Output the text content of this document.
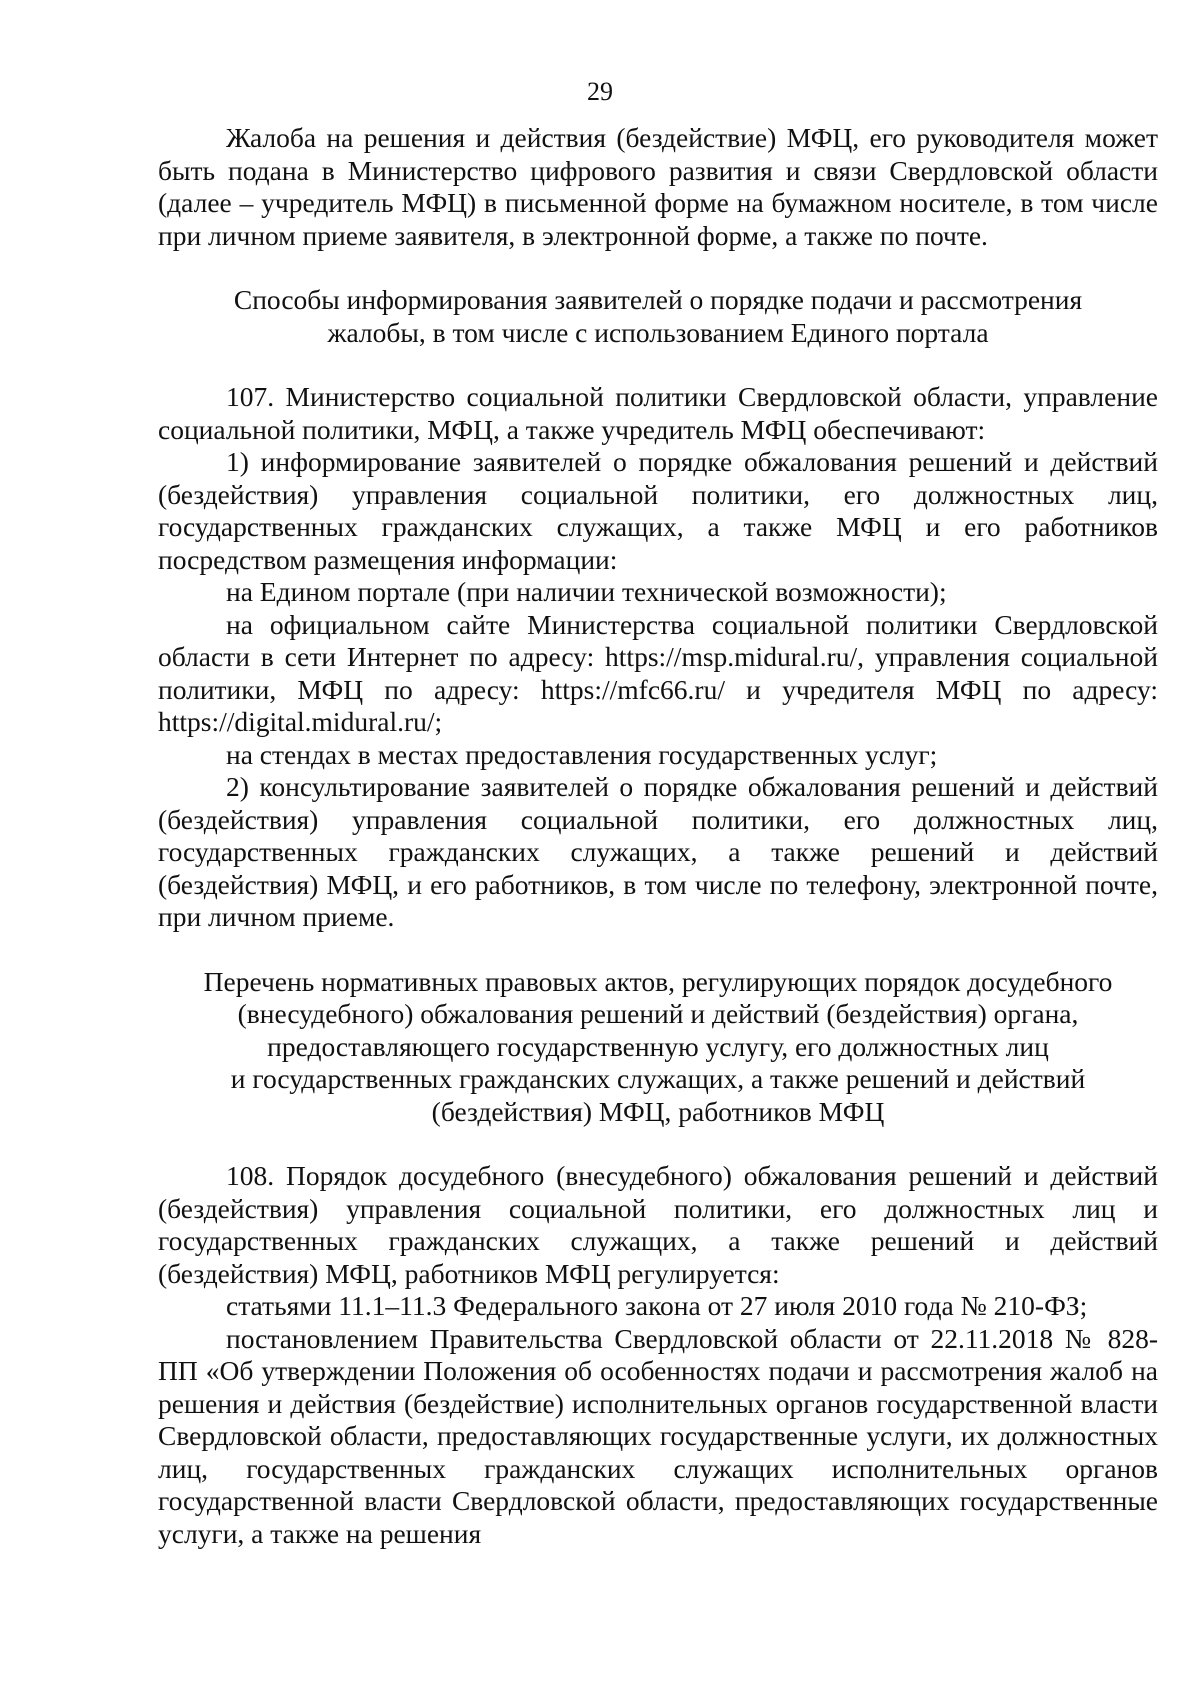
29

Жалоба на решения и действия (бездействие) МФЦ, его руководителя может быть подана в Министерство цифрового развития и связи Свердловской области (далее – учредитель МФЦ) в письменной форме на бумажном носителе, в том числе при личном приеме заявителя, в электронной форме, а также по почте.

Способы информирования заявителей о порядке подачи и рассмотрения
жалобы, в том числе с использованием Единого портала

107. Министерство социальной политики Свердловской области, управление социальной политики, МФЦ, а также учредитель МФЦ обеспечивают:

1) информирование заявителей о порядке обжалования решений и действий (бездействия) управления социальной политики, его должностных лиц, государственных гражданских служащих, а также МФЦ и его работников посредством размещения информации:

на Едином портале (при наличии технической возможности);

на официальном сайте Министерства социальной политики Свердловской области в сети Интернет по адресу: https://msp.midural.ru/, управления социальной политики, МФЦ по адресу: https://mfc66.ru/ и учредителя МФЦ по адресу: https://digital.midural.ru/;

на стендах в местах предоставления государственных услуг;

2) консультирование заявителей о порядке обжалования решений и действий (бездействия) управления социальной политики, его должностных лиц, государственных гражданских служащих, а также решений и действий (бездействия) МФЦ, и его работников, в том числе по телефону, электронной почте, при личном приеме.

Перечень нормативных правовых актов, регулирующих порядок досудебного
(внесудебного) обжалования решений и действий (бездействия) органа,
предоставляющего государственную услугу, его должностных лиц
и государственных гражданских служащих, а также решений и действий
(бездействия) МФЦ, работников МФЦ

108. Порядок досудебного (внесудебного) обжалования решений и действий (бездействия) управления социальной политики, его должностных лиц и государственных гражданских служащих, а также решений и действий (бездействия) МФЦ, работников МФЦ регулируется:

статьями 11.1–11.3 Федерального закона от 27 июля 2010 года № 210-ФЗ;

постановлением Правительства Свердловской области от 22.11.2018 № 828-ПП «Об утверждении Положения об особенностях подачи и рассмотрения жалоб на решения и действия (бездействие) исполнительных органов государственной власти Свердловской области, предоставляющих государственные услуги, их должностных лиц, государственных гражданских служащих исполнительных органов государственной власти Свердловской области, предоставляющих государственные услуги, а также на решения
